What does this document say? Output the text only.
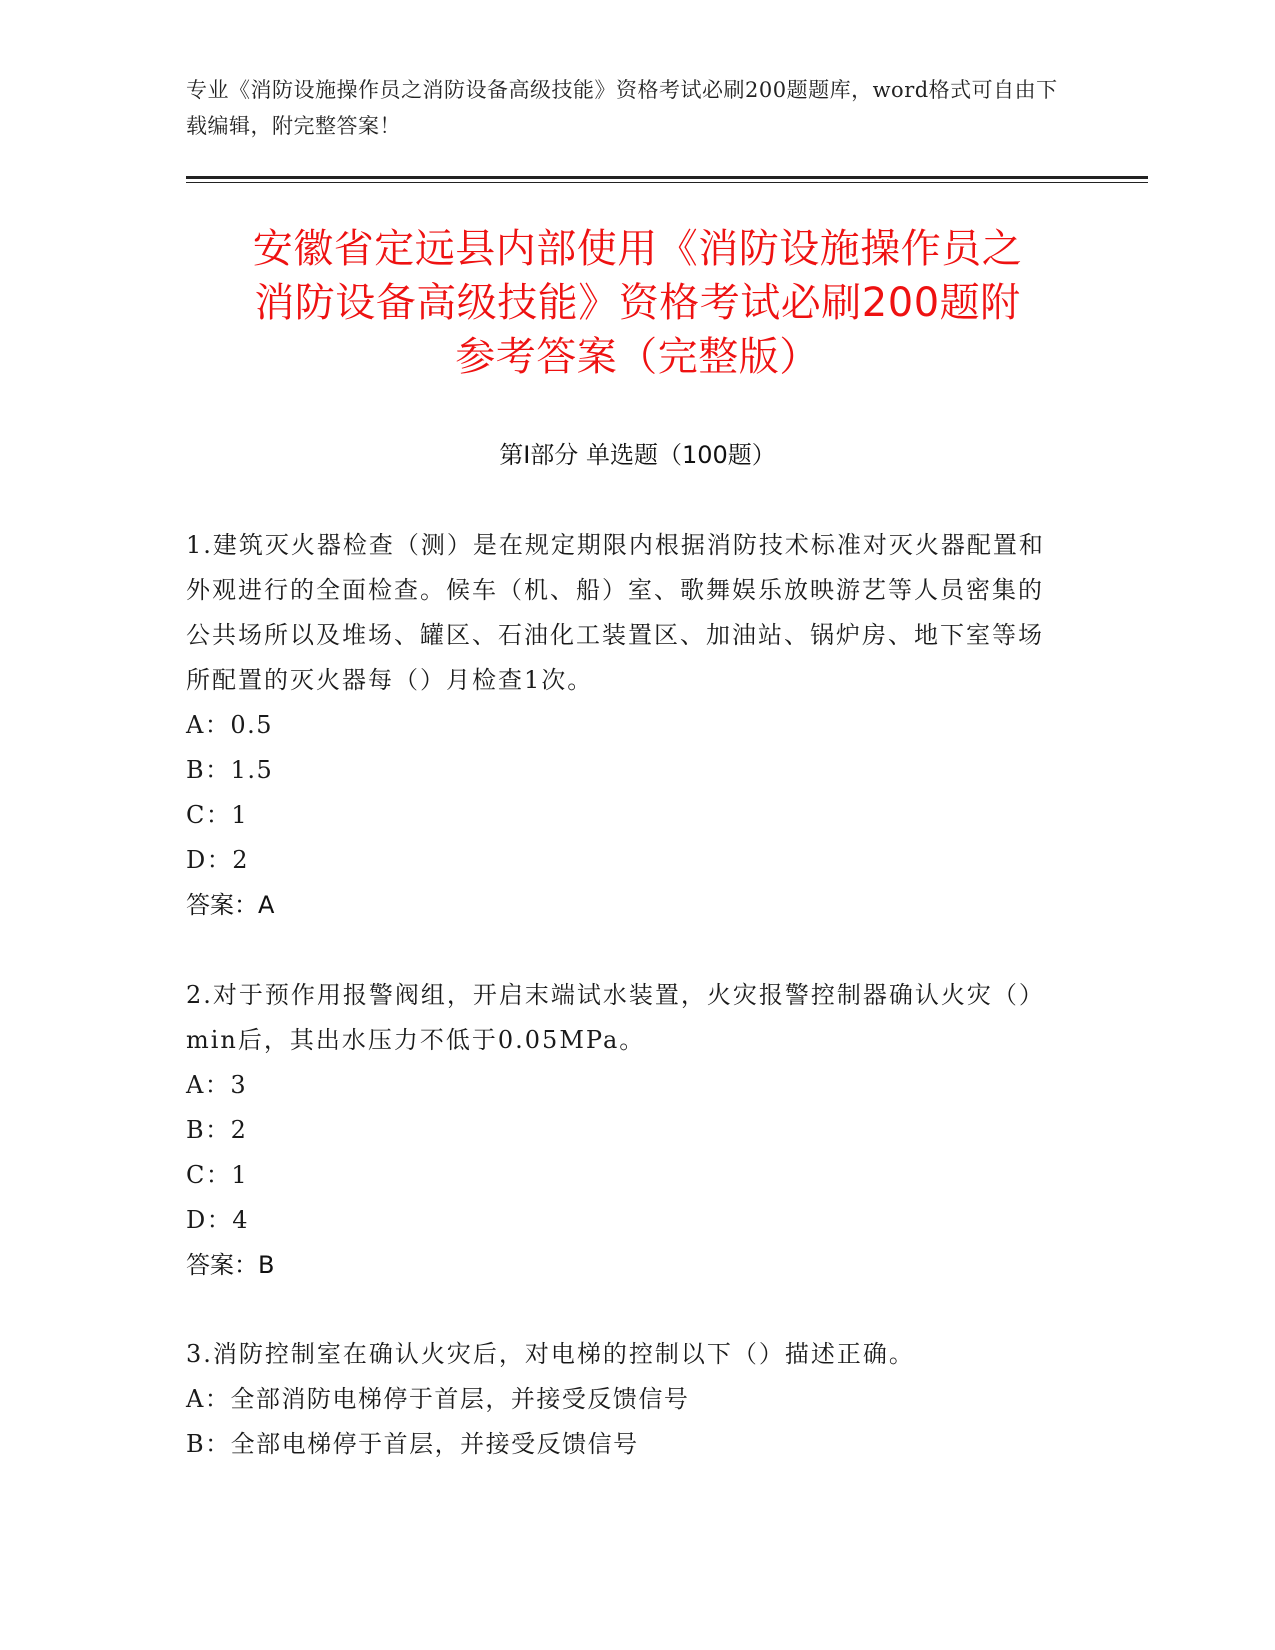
专业《消防设施操作员之消防设备高级技能》资格考试必刷200题题库，word格式可自由下载编辑，附完整答案！
安徽省定远县内部使用《消防设施操作员之
消防设备高级技能》资格考试必刷200题附
参考答案（完整版）
第Ⅰ部分 单选题（100题）
1.建筑灭火器检查（测）是在规定期限内根据消防技术标准对灭火器配置和外观进行的全面检查。候车（机、船）室、歌舞娱乐放映游艺等人员密集的公共场所以及堆场、罐区、石油化工装置区、加油站、锅炉房、地下室等场所配置的灭火器每（）月检查1次。
A：0.5
B：1.5
C：1
D：2
答案：A
2.对于预作用报警阀组，开启末端试水装置，火灾报警控制器确认火灾（）min后，其出水压力不低于0.05MPa。
A：3
B：2
C：1
D：4
答案：B
3.消防控制室在确认火灾后，对电梯的控制以下（）描述正确。
A：全部消防电梯停于首层，并接受反馈信号
B：全部电梯停于首层，并接受反馈信号
